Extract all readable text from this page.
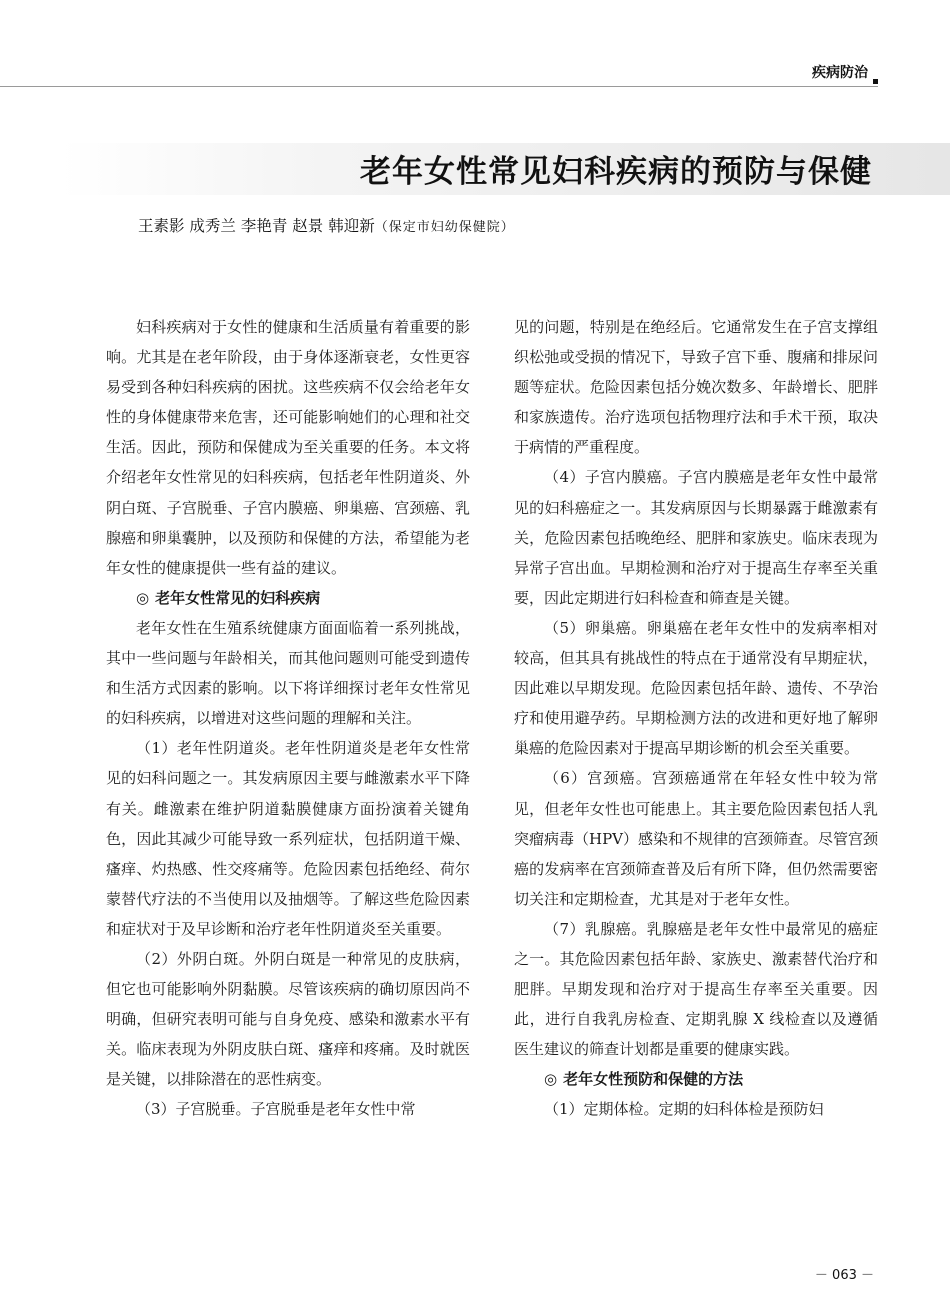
疾病防治
老年女性常见妇科疾病的预防与保健
王素影 成秀兰 李艳青 赵景 韩迎新（保定市妇幼保健院）

妇科疾病对于女性的健康和生活质量有着重要的影响。尤其是在老年阶段，由于身体逐渐衰老，女性更容易受到各种妇科疾病的困扰。这些疾病不仅会给老年女性的身体健康带来危害，还可能影响她们的心理和社交生活。因此，预防和保健成为至关重要的任务。本文将介绍老年女性常见的妇科疾病，包括老年性阴道炎、外阴白斑、子宫脱垂、子宫内膜癌、卵巢癌、宫颈癌、乳腺癌和卵巢囊肿，以及预防和保健的方法，希望能为老年女性的健康提供一些有益的建议。

◎ 老年女性常见的妇科疾病

老年女性在生殖系统健康方面面临着一系列挑战，其中一些问题与年龄相关，而其他问题则可能受到遗传和生活方式因素的影响。以下将详细探讨老年女性常见的妇科疾病，以增进对这些问题的理解和关注。

（1）老年性阴道炎。老年性阴道炎是老年女性常见的妇科问题之一。其发病原因主要与雌激素水平下降有关。雌激素在维护阴道黏膜健康方面扮演着关键角色，因此其减少可能导致一系列症状，包括阴道干燥、瘙痒、灼热感、性交疼痛等。危险因素包括绝经、荷尔蒙替代疗法的不当使用以及抽烟等。了解这些危险因素和症状对于及早诊断和治疗老年性阴道炎至关重要。

（2）外阴白斑。外阴白斑是一种常见的皮肤病，但它也可能影响外阴黏膜。尽管该疾病的确切原因尚不明确，但研究表明可能与自身免疫、感染和激素水平有关。临床表现为外阴皮肤白斑、瘙痒和疼痛。及时就医是关键，以排除潜在的恶性病变。

（3）子宫脱垂。子宫脱垂是老年女性中常

见的问题，特别是在绝经后。它通常发生在子宫支撑组织松弛或受损的情况下，导致子宫下垂、腹痛和排尿问题等症状。危险因素包括分娩次数多、年龄增长、肥胖和家族遗传。治疗选项包括物理疗法和手术干预，取决于病情的严重程度。

（4）子宫内膜癌。子宫内膜癌是老年女性中最常见的妇科癌症之一。其发病原因与长期暴露于雌激素有关，危险因素包括晚绝经、肥胖和家族史。临床表现为异常子宫出血。早期检测和治疗对于提高生存率至关重要，因此定期进行妇科检查和筛查是关键。

（5）卵巢癌。卵巢癌在老年女性中的发病率相对较高，但其具有挑战性的特点在于通常没有早期症状，因此难以早期发现。危险因素包括年龄、遗传、不孕治疗和使用避孕药。早期检测方法的改进和更好地了解卵巢癌的危险因素对于提高早期诊断的机会至关重要。

（6）宫颈癌。宫颈癌通常在年轻女性中较为常见，但老年女性也可能患上。其主要危险因素包括人乳突瘤病毒（HPV）感染和不规律的宫颈筛查。尽管宫颈癌的发病率在宫颈筛查普及后有所下降，但仍然需要密切关注和定期检查，尤其是对于老年女性。

（7）乳腺癌。乳腺癌是老年女性中最常见的癌症之一。其危险因素包括年龄、家族史、激素替代治疗和肥胖。早期发现和治疗对于提高生存率至关重要。因此，进行自我乳房检查、定期乳腺 X 线检查以及遵循医生建议的筛查计划都是重要的健康实践。

◎ 老年女性预防和保健的方法

（1）定期体检。定期的妇科体检是预防妇

－ 063 －
